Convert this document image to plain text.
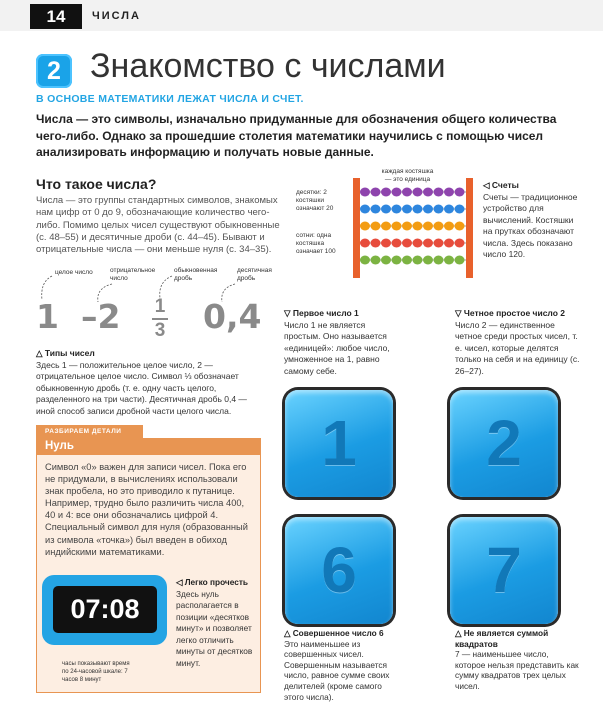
14	ЧИСЛА
2 Знакомство с числами
В ОСНОВЕ МАТЕМАТИКИ ЛЕЖАТ ЧИСЛА И СЧЕТ.
Числа — это символы, изначально придуманные для обозначения общего количества чего-либо. Однако за прошедшие столетия математики научились с помощью чисел анализировать информацию и получать новые данные.
Что такое числа?
Числа — это группы стандартных символов, знакомых нам цифр от 0 до 9, обозначающие количество чего-либо. Помимо целых чисел существуют обыкновенные (с. 48–55) и десятичные дроби (с. 44–45). Бывают и отрицательные числа — они меньше нуля (с. 34–35).
целое число	отрицательное число
обыкновенная дробь
десятичная дробь
1 –2 1
3 0,4
△ Типы чисел
Здесь 1 — положительное целое число, 2 — отрицательное целое число. Символ ⅓ обозначает обыкновенную дробь (т. е. одну часть целого, разделенного на три части). Десятичная дробь 0,4 — иной способ записи дробной части целого числа.
РАЗБИРАЕМ ДЕТАЛИ
Нуль
Символ «0» важен для записи чисел. Пока его не придумали, в вычислениях использовали знак пробела, но это приводило к путанице. Например, трудно было различить числа 400, 40 и 4: все они обозначались цифрой 4. Специальный символ для нуля (образованный из символа «точка») был введен в обиход индийскими математиками.
07:08
◁ Легко прочесть
Здесь нуль располагается в позиции «десятков минут» и позволяет легко отличить минуты от десятков минут.
часы показывают время по 24-часовой шкале: 7 часов 8 минут
каждая костяшка — это единица
десятки: 2 костяшки означают 20
сотни: одна костяшка означает 100
◁ Счеты
Счеты — традиционное устройство для вычислений. Костяшки на прутках обозначают числа. Здесь показано число 120.
▽ Первое число 1
Число 1 не является простым. Оно называется «единицей»: любое число, умноженное на 1, равно самому себе.
▽ Четное простое число 2
Число 2 — единственное четное среди простых чисел, т. е. чисел, которые делятся только на себя и на единицу (с. 26–27).
1	2
6	7
△ Совершенное число 6
Это наименьшее из совершенных чисел. Совершенным называется число, равное сумме своих делителей (кроме самого этого числа).
△ Не является суммой квадратов
7 — наименьшее число, которое нельзя представить как сумму квадратов трех целых чисел.
